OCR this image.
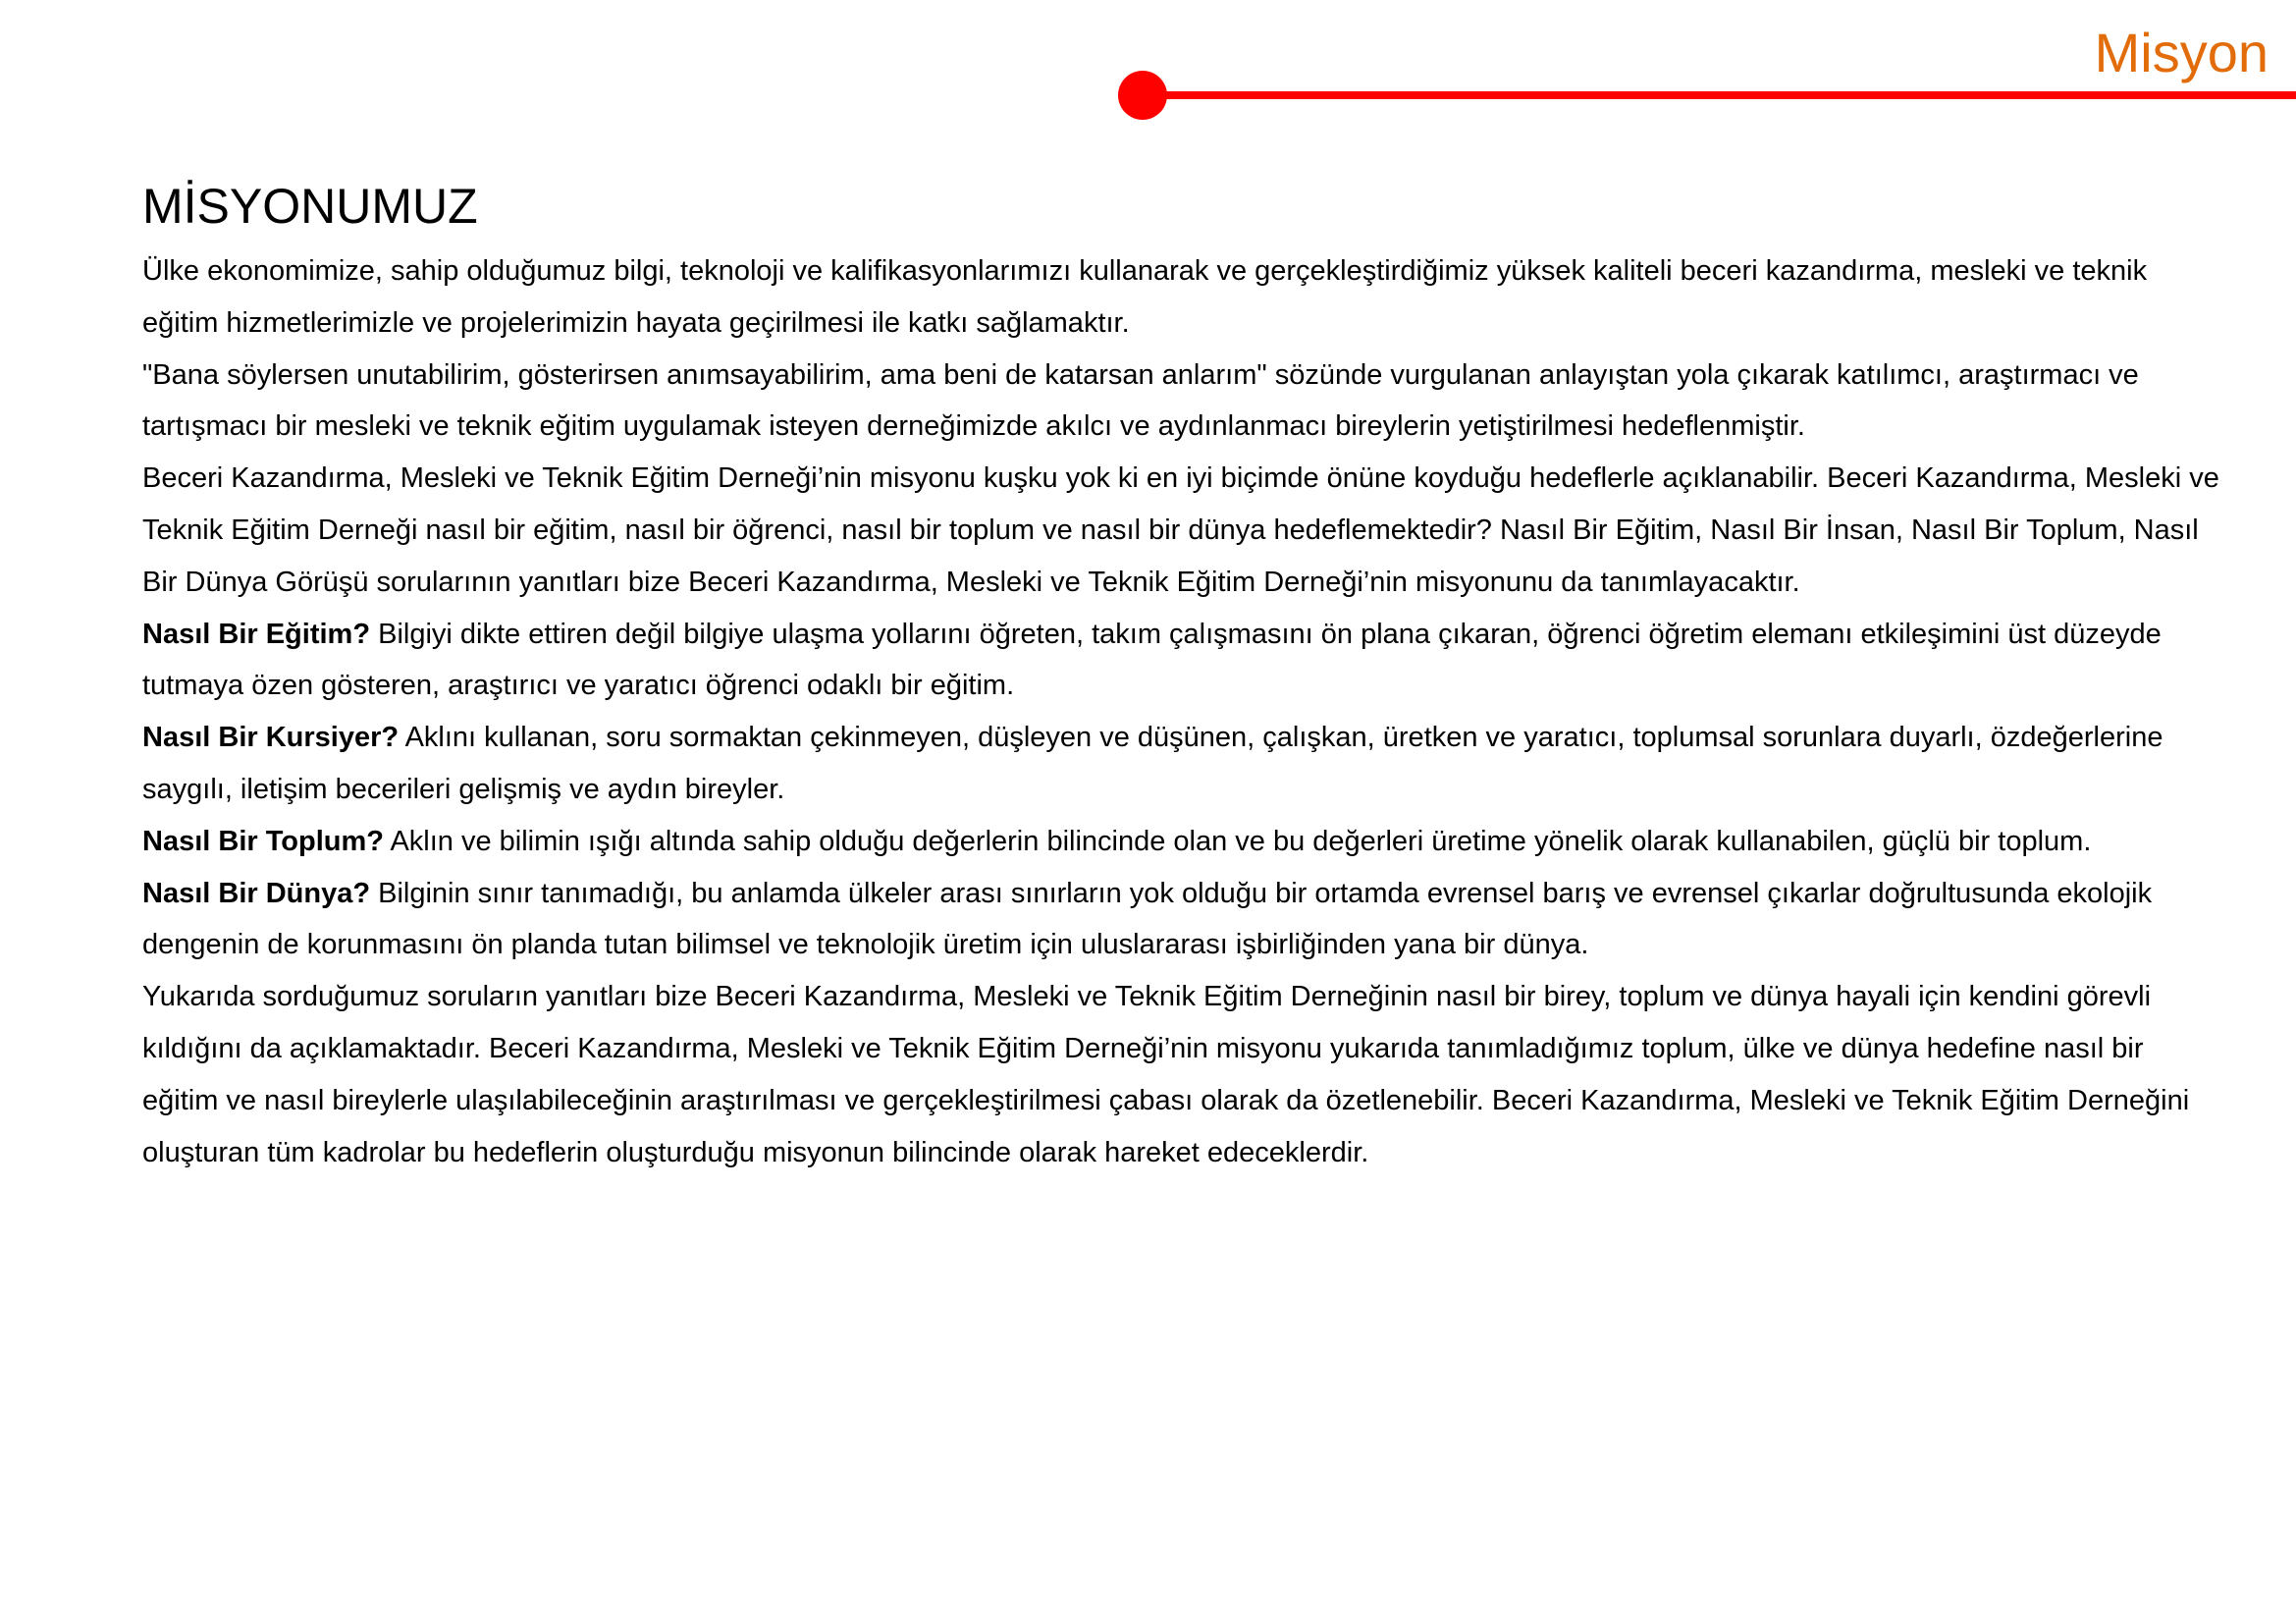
Misyon
MİSYONUMUZ

Ülke ekonomimize, sahip olduğumuz bilgi, teknoloji ve kalifikasyonlarımızı kullanarak ve gerçekleştirdiğimiz yüksek kaliteli beceri kazandırma, mesleki ve teknik eğitim hizmetlerimizle ve projelerimizin hayata geçirilmesi ile katkı sağlamaktır.

"Bana söylersen unutabilirim, gösterirsen anımsayabilirim, ama beni de katarsan anlarım" sözünde vurgulanan anlayıştan yola çıkarak katılımcı, araştırmacı ve tartışmacı bir mesleki ve teknik eğitim uygulamak isteyen derneğimizde akılcı ve aydınlanmacı bireylerin yetiştirilmesi hedeflenmiştir.

Beceri Kazandırma, Mesleki ve Teknik Eğitim Derneği’nin misyonu kuşku yok ki en iyi biçimde önüne koyduğu hedeflerle açıklanabilir. Beceri Kazandırma, Mesleki ve Teknik Eğitim Derneği nasıl bir eğitim, nasıl bir öğrenci, nasıl bir toplum ve nasıl bir dünya hedeflemektedir? Nasıl Bir Eğitim, Nasıl Bir İnsan, Nasıl Bir Toplum, Nasıl Bir Dünya Görüşü sorularının yanıtları bize Beceri Kazandırma, Mesleki ve Teknik Eğitim Derneği’nin misyonunu da tanımlayacaktır.

Nasıl Bir Eğitim? Bilgiyi dikte ettiren değil bilgiye ulaşma yollarını öğreten, takım çalışmasını ön plana çıkaran, öğrenci öğretim elemanı etkileşimini üst düzeyde tutmaya özen gösteren, araştırıcı ve yaratıcı öğrenci odaklı bir eğitim.

Nasıl Bir Kursiyer? Aklını kullanan, soru sormaktan çekinmeyen, düşleyen ve düşünen, çalışkan, üretken ve yaratıcı, toplumsal sorunlara duyarlı, özdeğerlerine saygılı, iletişim becerileri gelişmiş ve aydın bireyler.

Nasıl Bir Toplum? Aklın ve bilimin ışığı altında sahip olduğu değerlerin bilincinde olan ve bu değerleri üretime yönelik olarak kullanabilen, güçlü bir toplum.

Nasıl Bir Dünya? Bilginin sınır tanımadığı, bu anlamda ülkeler arası sınırların yok olduğu bir ortamda evrensel barış ve evrensel çıkarlar doğrultusunda ekolojik dengenin de korunmasını ön planda tutan bilimsel ve teknolojik üretim için uluslararası işbirliğinden yana bir dünya.

Yukarıda sorduğumuz soruların yanıtları bize Beceri Kazandırma, Mesleki ve Teknik Eğitim Derneğinin nasıl bir birey, toplum ve dünya hayali için kendini görevli kıldığını da açıklamaktadır. Beceri Kazandırma, Mesleki ve Teknik Eğitim Derneği’nin misyonu yukarıda tanımladığımız toplum, ülke ve dünya hedefine nasıl bir eğitim ve nasıl bireylerle ulaşılabileceğinin araştırılması ve gerçekleştirilmesi çabası olarak da özetlenebilir. Beceri Kazandırma, Mesleki ve Teknik Eğitim Derneğini oluşturan tüm kadrolar bu hedeflerin oluşturduğu misyonun bilincinde olarak hareket edeceklerdir.
